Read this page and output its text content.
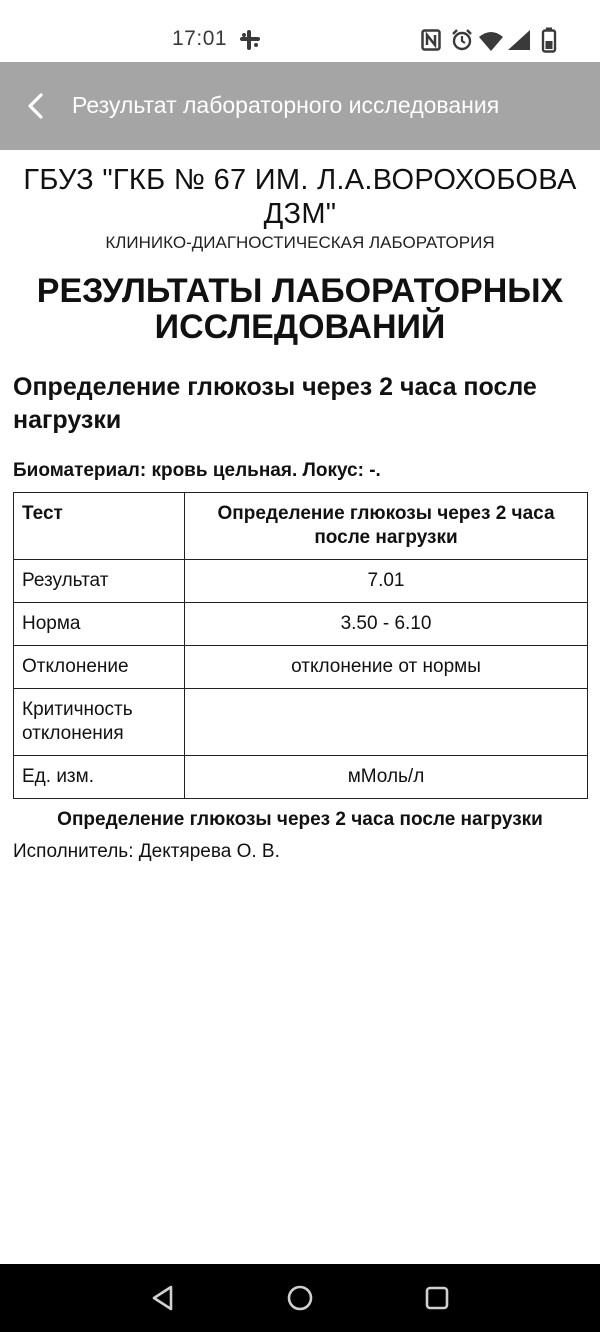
17:01
Результат лабораторного исследования
ГБУЗ "ГКБ № 67 ИМ. Л.А.ВОРОХОБОВА ДЗМ"
КЛИНИКО-ДИАГНОСТИЧЕСКАЯ ЛАБОРАТОРИЯ
РЕЗУЛЬТАТЫ ЛАБОРАТОРНЫХ ИССЛЕДОВАНИЙ
Определение глюкозы через 2 часа после нагрузки
Биоматериал: кровь цельная. Локус: -.
Тест	Определение глюкозы через 2 часа после нагрузки
Результат	7.01
Норма	3.50 - 6.10
Отклонение	отклонение от нормы
Критичность отклонения	
Ед. изм.	мМоль/л
Определение глюкозы через 2 часа после нагрузки
Исполнитель: Дектярева О. В.
